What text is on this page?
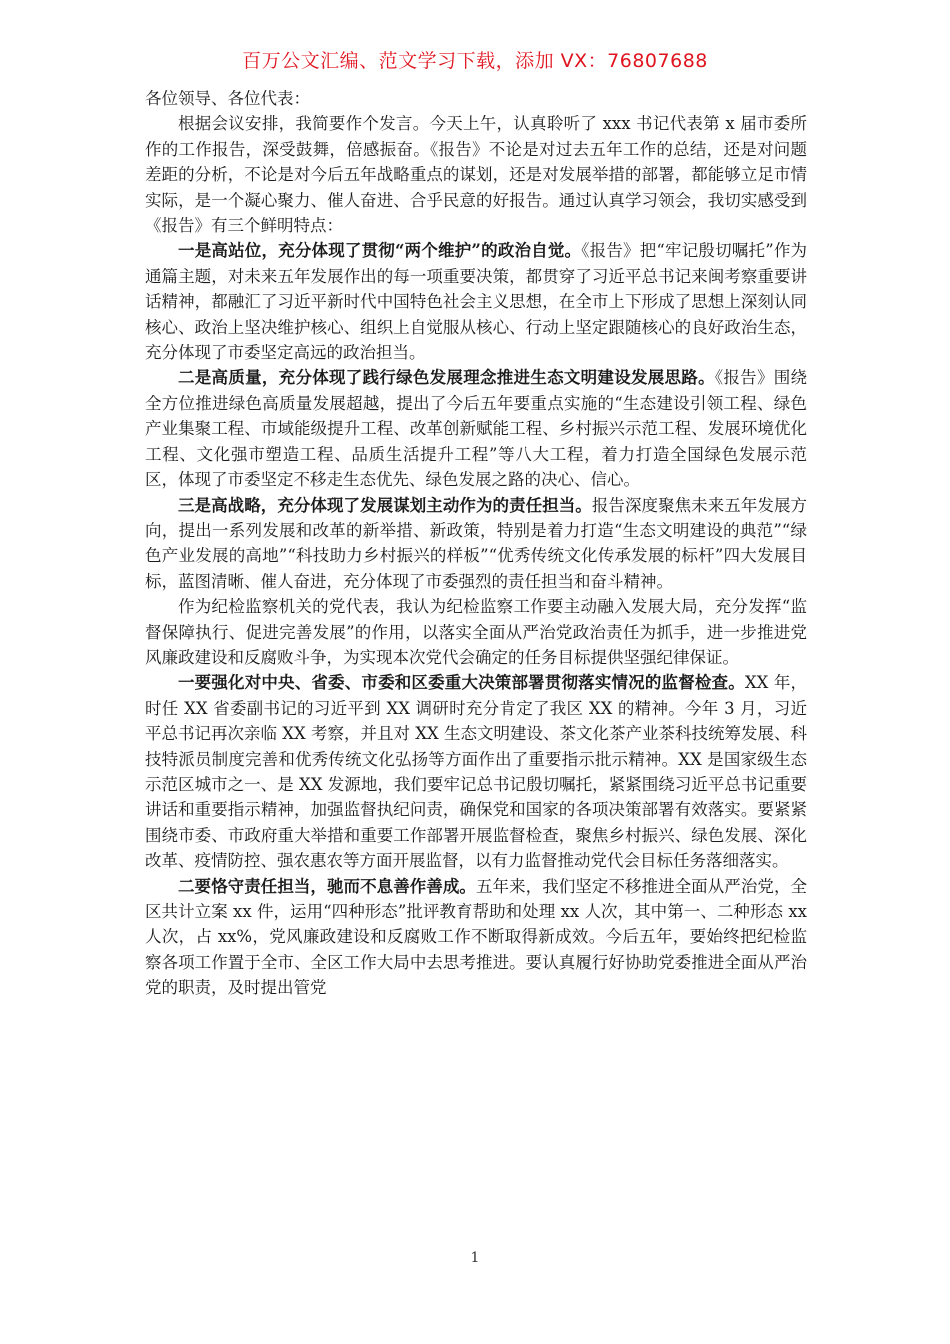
百万公文汇编、范文学习下载，添加 VX：76807688

各位领导、各位代表：

根据会议安排，我简要作个发言。今天上午，认真聆听了 xxx 书记代表第 x 届市委所作的工作报告，深受鼓舞，倍感振奋。《报告》不论是对过去五年工作的总结，还是对问题差距的分析，不论是对今后五年战略重点的谋划，还是对发展举措的部署，都能够立足市情实际，是一个凝心聚力、催人奋进、合乎民意的好报告。通过认真学习领会，我切实感受到《报告》有三个鲜明特点：

一是高站位，充分体现了贯彻“两个维护”的政治自觉。《报告》把“牢记殷切嘱托”作为通篇主题，对未来五年发展作出的每一项重要决策，都贯穿了习近平总书记来闽考察重要讲话精神，都融汇了习近平新时代中国特色社会主义思想，在全市上下形成了思想上深刻认同核心、政治上坚决维护核心、组织上自觉服从核心、行动上坚定跟随核心的良好政治生态，充分体现了市委坚定高远的政治担当。

二是高质量，充分体现了践行绿色发展理念推进生态文明建设发展思路。《报告》围绕全方位推进绿色高质量发展超越，提出了今后五年要重点实施的“生态建设引领工程、绿色产业集聚工程、市域能级提升工程、改革创新赋能工程、乡村振兴示范工程、发展环境优化工程、文化强市塑造工程、品质生活提升工程”等八大工程，着力打造全国绿色发展示范区，体现了市委坚定不移走生态优先、绿色发展之路的决心、信心。

三是高战略，充分体现了发展谋划主动作为的责任担当。报告深度聚焦未来五年发展方向，提出一系列发展和改革的新举措、新政策，特别是着力打造“生态文明建设的典范”“绿色产业发展的高地”“科技助力乡村振兴的样板”“优秀传统文化传承发展的标杆”四大发展目标，蓝图清晰、催人奋进，充分体现了市委强烈的责任担当和奋斗精神。

作为纪检监察机关的党代表，我认为纪检监察工作要主动融入发展大局，充分发挥“监督保障执行、促进完善发展”的作用，以落实全面从严治党政治责任为抓手，进一步推进党风廉政建设和反腐败斗争，为实现本次党代会确定的任务目标提供坚强纪律保证。

一要强化对中央、省委、市委和区委重大决策部署贯彻落实情况的监督检查。XX 年，时任 XX 省委副书记的习近平到 XX 调研时充分肯定了我区 XX 的精神。今年 3 月，习近平总书记再次亲临 XX 考察，并且对 XX 生态文明建设、茶文化茶产业茶科技统筹发展、科技特派员制度完善和优秀传统文化弘扬等方面作出了重要指示批示精神。XX 是国家级生态示范区城市之一、是 XX 发源地，我们要牢记总书记殷切嘱托，紧紧围绕习近平总书记重要讲话和重要指示精神，加强监督执纪问责，确保党和国家的各项决策部署有效落实。要紧紧围绕市委、市政府重大举措和重要工作部署开展监督检查，聚焦乡村振兴、绿色发展、深化改革、疫情防控、强农惠农等方面开展监督，以有力监督推动党代会目标任务落细落实。

二要恪守责任担当，驰而不息善作善成。五年来，我们坚定不移推进全面从严治党，全区共计立案 xx 件，运用“四种形态”批评教育帮助和处理 xx 人次，其中第一、二种形态 xx 人次，占 xx%，党风廉政建设和反腐败工作不断取得新成效。今后五年，要始终把纪检监察各项工作置于全市、全区工作大局中去思考推进。要认真履行好协助党委推进全面从严治党的职责，及时提出管党

1
